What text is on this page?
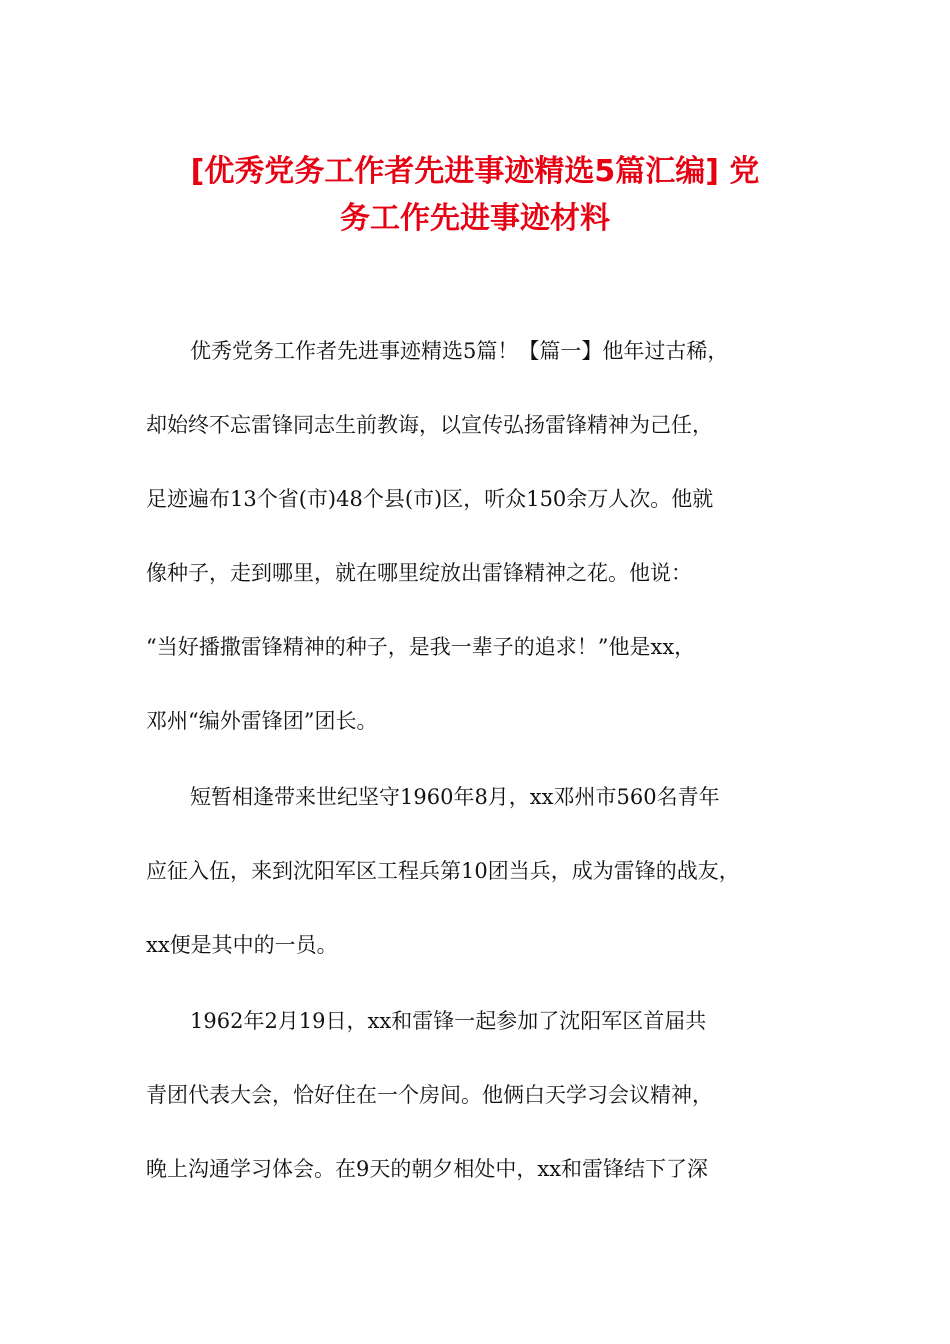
[优秀党务工作者先进事迹精选5篇汇编] 党
务工作先进事迹材料

优秀党务工作者先进事迹精选5篇！【篇一】他年过古稀，

却始终不忘雷锋同志生前教诲，以宣传弘扬雷锋精神为己任，

足迹遍布13个省(市)48个县(市)区，听众150余万人次。他就

像种子，走到哪里，就在哪里绽放出雷锋精神之花。他说：

“当好播撒雷锋精神的种子，是我一辈子的追求！”他是xx，

邓州“编外雷锋团”团长。

短暂相逢带来世纪坚守1960年8月，xx邓州市560名青年

应征入伍，来到沈阳军区工程兵第10团当兵，成为雷锋的战友，

xx便是其中的一员。

1962年2月19日，xx和雷锋一起参加了沈阳军区首届共

青团代表大会，恰好住在一个房间。他俩白天学习会议精神，

晚上沟通学习体会。在9天的朝夕相处中，xx和雷锋结下了深
